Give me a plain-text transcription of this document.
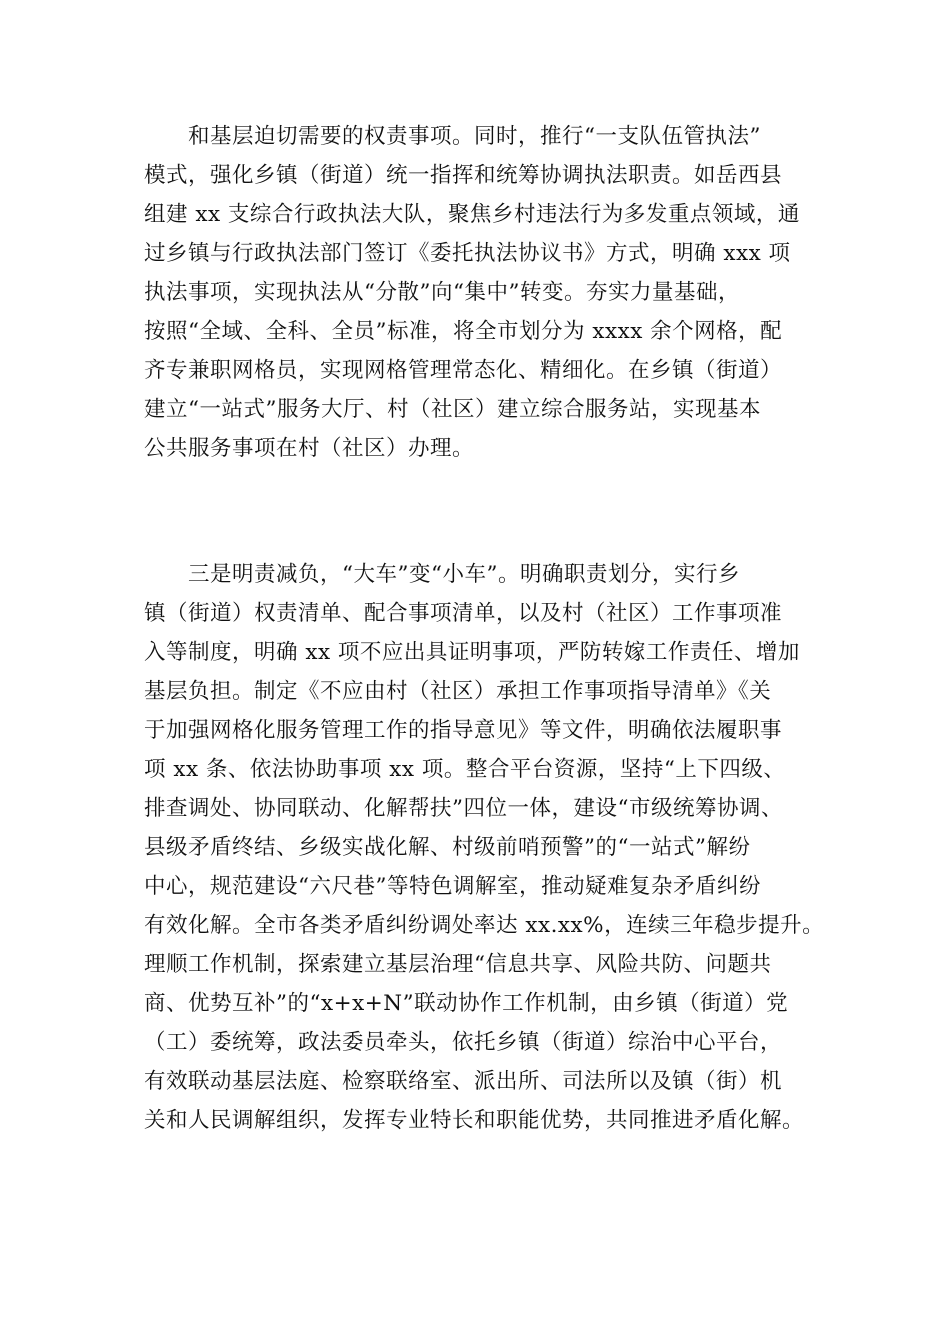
和基层迫切需要的权责事项。同时，推行“一支队伍管执法”
模式，强化乡镇（街道）统一指挥和统筹协调执法职责。如岳西县
组建 xx 支综合行政执法大队，聚焦乡村违法行为多发重点领域，通
过乡镇与行政执法部门签订《委托执法协议书》方式，明确 xxx 项
执法事项，实现执法从“分散”向“集中”转变。夯实力量基础，
按照“全域、全科、全员”标准，将全市划分为 xxxx 余个网格，配
齐专兼职网格员，实现网格管理常态化、精细化。在乡镇（街道）
建立“一站式”服务大厅、村（社区）建立综合服务站，实现基本
公共服务事项在村（社区）办理。
三是明责减负，“大车”变“小车”。明确职责划分，实行乡
镇（街道）权责清单、配合事项清单，以及村（社区）工作事项准
入等制度，明确 xx 项不应出具证明事项，严防转嫁工作责任、增加
基层负担。制定《不应由村（社区）承担工作事项指导清单》《关
于加强网格化服务管理工作的指导意见》等文件，明确依法履职事
项 xx 条、依法协助事项 xx 项。整合平台资源，坚持“上下四级、
排查调处、协同联动、化解帮扶”四位一体，建设“市级统筹协调、
县级矛盾终结、乡级实战化解、村级前哨预警”的“一站式”解纷
中心，规范建设“六尺巷”等特色调解室，推动疑难复杂矛盾纠纷
有效化解。全市各类矛盾纠纷调处率达 xx.xx%，连续三年稳步提升。
理顺工作机制，探索建立基层治理“信息共享、风险共防、问题共
商、优势互补”的“x+x+N”联动协作工作机制，由乡镇（街道）党
（工）委统筹，政法委员牵头，依托乡镇（街道）综治中心平台，
有效联动基层法庭、检察联络室、派出所、司法所以及镇（街）机
关和人民调解组织，发挥专业特长和职能优势，共同推进矛盾化解。
